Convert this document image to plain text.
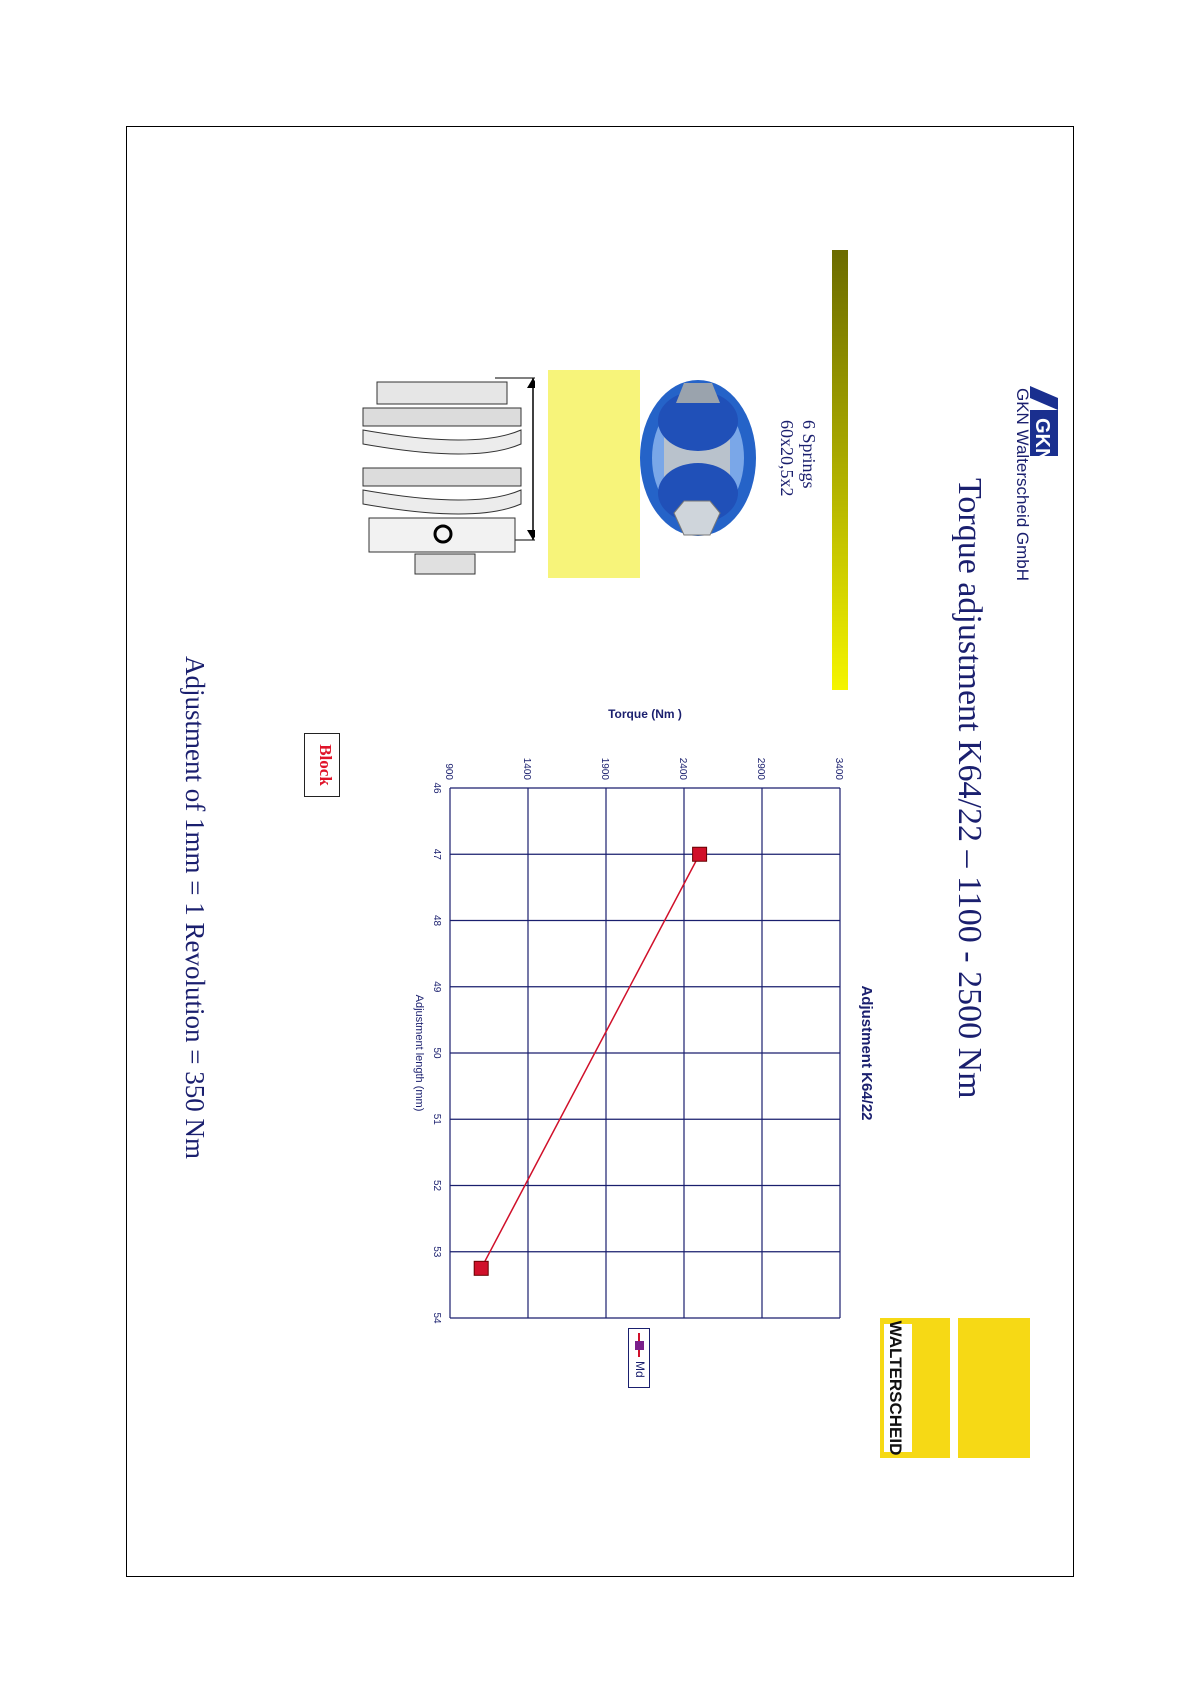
GKN
GKN Walterscheid GmbH
Torque adjustment K64/22 – 1100 - 2500 Nm
WALTERSCHEID
6 Springs
60x20,5x2
Adjustment K64/22
46
47
48
49
50
51
52
53
54
900	1400	1900	2400	2900	3400
Adjustment length (mm)
Torque (Nm )
Block
Md
Adjustment of 1mm = 1 Revolution = 350 Nm
